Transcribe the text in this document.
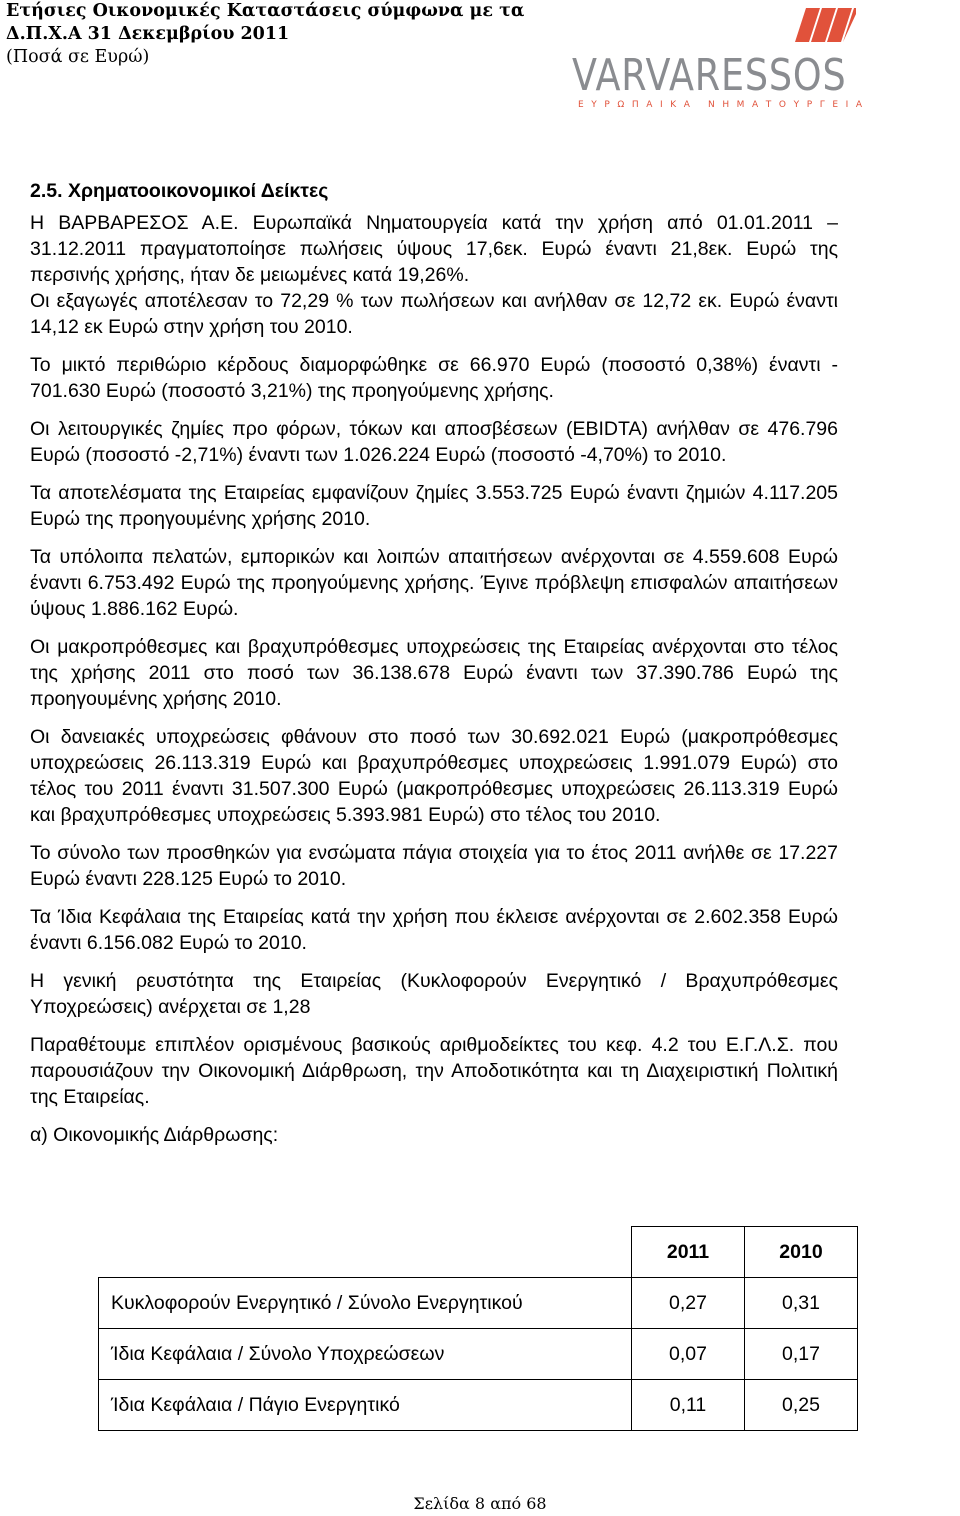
Ετήσιες Οικονομικές Καταστάσεις σύμφωνα με τα
Δ.Π.Χ.Α 31 Δεκεμβρίου 2011
(Ποσά σε Ευρώ)	VARVARESSOS
ΕΥΡΩΠΑΙΚΑ ΝΗΜΑΤΟΥΡΓΕΙΑ
2.5. Χρηματοοικονομικοί Δείκτες

Η ΒΑΡΒΑΡΕΣΟΣ Α.Ε. Ευρωπαϊκά Νηματουργεία κατά την χρήση από 01.01.2011 – 31.12.2011 πραγματοποίησε πωλήσεις ύψους 17,6εκ. Ευρώ έναντι 21,8εκ. Ευρώ της περσινής χρήσης, ήταν δε μειωμένες κατά 19,26%.

Οι εξαγωγές αποτέλεσαν το 72,29 % των πωλήσεων και ανήλθαν σε 12,72 εκ. Ευρώ έναντι 14,12 εκ Ευρώ στην χρήση του 2010.

Το μικτό περιθώριο κέρδους διαμορφώθηκε σε 66.970 Ευρώ (ποσοστό 0,38%) έναντι - 701.630 Ευρώ (ποσοστό 3,21%) της προηγούμενης χρήσης.

Οι λειτουργικές ζημίες προ φόρων, τόκων και αποσβέσεων (EBIDTA) ανήλθαν σε 476.796 Ευρώ (ποσοστό -2,71%) έναντι των 1.026.224 Ευρώ (ποσοστό -4,70%) το 2010.

Τα αποτελέσματα της Εταιρείας εμφανίζουν ζημίες 3.553.725 Ευρώ έναντι ζημιών 4.117.205 Ευρώ της προηγουμένης χρήσης 2010.

Τα υπόλοιπα πελατών, εμπορικών και λοιπών απαιτήσεων ανέρχονται σε 4.559.608 Ευρώ έναντι 6.753.492 Ευρώ της προηγούμενης χρήσης. Έγινε πρόβλεψη επισφαλών απαιτήσεων ύψους 1.886.162 Ευρώ.

Οι μακροπρόθεσμες και βραχυπρόθεσμες υποχρεώσεις της Εταιρείας ανέρχονται στο τέλος της χρήσης 2011 στο ποσό των 36.138.678 Ευρώ έναντι των 37.390.786 Ευρώ της προηγουμένης χρήσης 2010.

Οι δανειακές υποχρεώσεις φθάνουν στο ποσό των 30.692.021 Ευρώ (μακροπρόθεσμες υποχρεώσεις 26.113.319 Ευρώ και βραχυπρόθεσμες υποχρεώσεις 1.991.079 Ευρώ) στο τέλος του 2011 έναντι 31.507.300 Ευρώ (μακροπρόθεσμες υποχρεώσεις 26.113.319 Ευρώ και βραχυπρόθεσμες υποχρεώσεις 5.393.981 Ευρώ) στο τέλος του 2010.

Το σύνολο των προσθηκών για ενσώματα πάγια στοιχεία για το έτος 2011 ανήλθε σε 17.227 Ευρώ έναντι 228.125 Ευρώ το 2010.

Τα Ίδια Κεφάλαια της Εταιρείας κατά την χρήση που έκλεισε ανέρχονται σε 2.602.358 Ευρώ έναντι 6.156.082 Ευρώ το 2010.

Η γενική ρευστότητα της Εταιρείας (Κυκλοφορούν Ενεργητικό / Βραχυπρόθεσμες Υποχρεώσεις) ανέρχεται σε 1,28

Παραθέτουμε επιπλέον ορισμένους βασικούς αριθμοδείκτες του κεφ. 4.2 του Ε.Γ.Λ.Σ. που παρουσιάζουν την Οικονομική Διάρθρωση, την Αποδοτικότητα και τη Διαχειριστική Πολιτική της Εταιρείας.

α) Οικονομικής Διάρθρωσης:

	2011	2010
Κυκλοφορούν Ενεργητικό / Σύνολο Ενεργητικού	0,27	0,31
Ίδια Κεφάλαια / Σύνολο Υποχρεώσεων	0,07	0,17
Ίδια Κεφάλαια / Πάγιο Ενεργητικό	0,11	0,25
Σελίδα 8 από 68
